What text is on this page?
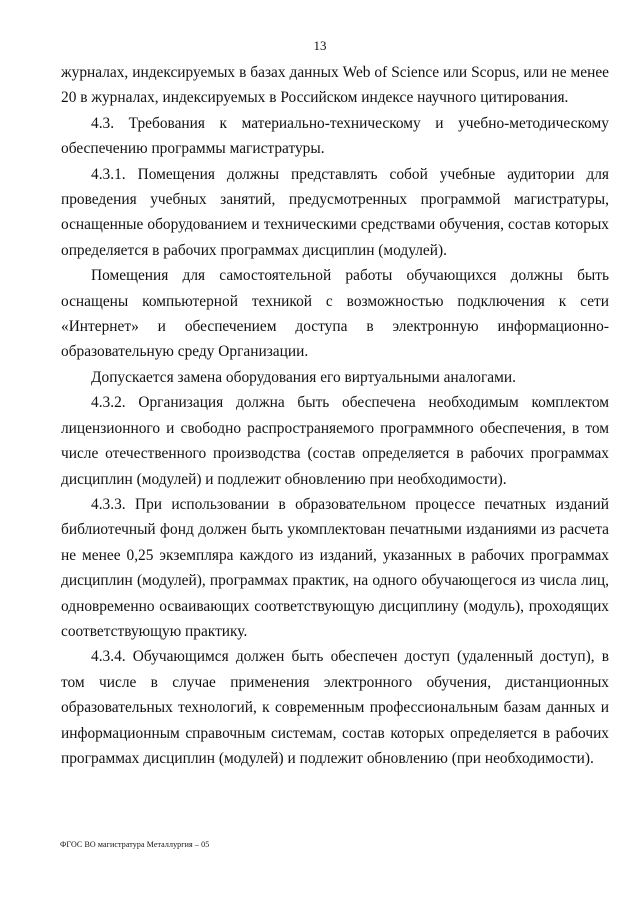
13

журналах, индексируемых в базах данных Web of Science или Scopus, или не менее 20 в журналах, индексируемых в Российском индексе научного цитирования.

4.3. Требования к материально-техническому и учебно-методическому обеспечению программы магистратуры.

4.3.1. Помещения должны представлять собой учебные аудитории для проведения учебных занятий, предусмотренных программой магистратуры, оснащенные оборудованием и техническими средствами обучения, состав которых определяется в рабочих программах дисциплин (модулей).

Помещения для самостоятельной работы обучающихся должны быть оснащены компьютерной техникой с возможностью подключения к сети «Интернет» и обеспечением доступа в электронную информационно-образовательную среду Организации.

Допускается замена оборудования его виртуальными аналогами.

4.3.2. Организация должна быть обеспечена необходимым комплектом лицензионного и свободно распространяемого программного обеспечения, в том числе отечественного производства (состав определяется в рабочих программах дисциплин (модулей) и подлежит обновлению при необходимости).

4.3.3. При использовании в образовательном процессе печатных изданий библиотечный фонд должен быть укомплектован печатными изданиями из расчета не менее 0,25 экземпляра каждого из изданий, указанных в рабочих программах дисциплин (модулей), программах практик, на одного обучающегося из числа лиц, одновременно осваивающих соответствующую дисциплину (модуль), проходящих соответствующую практику.

4.3.4. Обучающимся должен быть обеспечен доступ (удаленный доступ), в том числе в случае применения электронного обучения, дистанционных образовательных технологий, к современным профессиональным базам данных и информационным справочным системам, состав которых определяется в рабочих программах дисциплин (модулей) и подлежит обновлению (при необходимости).

ФГОС ВО магистратура Металлургия – 05
